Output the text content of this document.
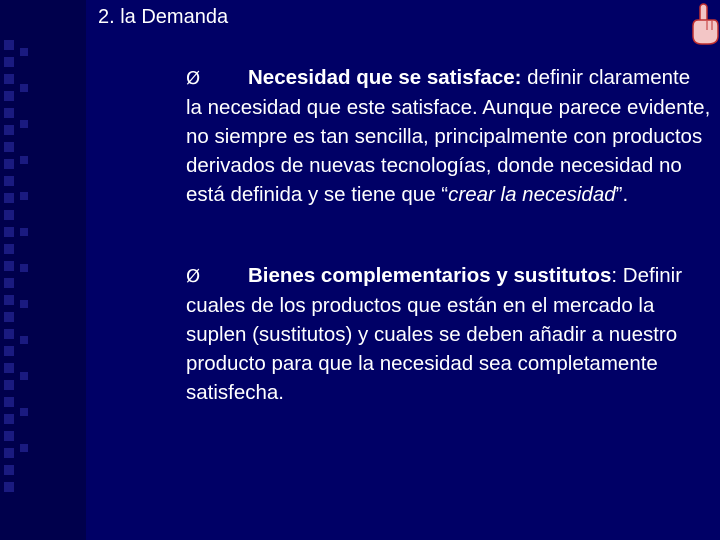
2. la Demanda
Ø Necesidad que se satisface: definir claramente la necesidad que este satisface. Aunque parece evidente, no siempre es tan sencilla, principalmente con productos derivados de nuevas tecnologías, donde necesidad no está definida y se tiene que “crear la necesidad”.
Ø Bienes complementarios y sustitutos: Definir cuales de los productos que están en el mercado la suplen (sustitutos) y cuales se deben añadir a nuestro producto para que la necesidad sea completamente satisfecha.
